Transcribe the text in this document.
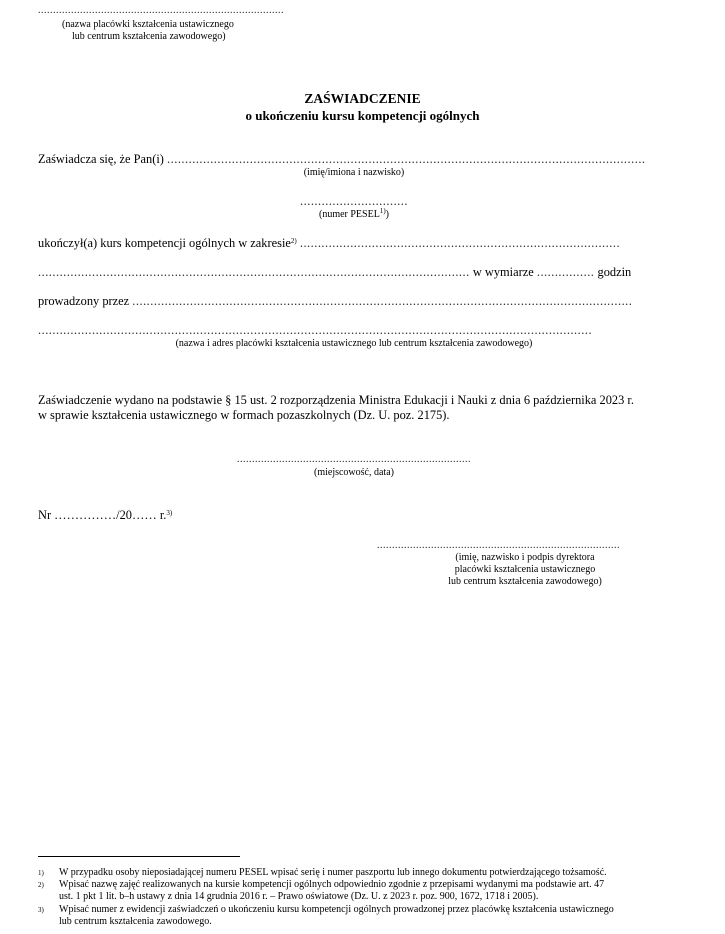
..................................................................................
(nazwa placówki kształcenia ustawicznego
lub centrum kształcenia zawodowego)
ZAŚWIADCZENIE
o ukończeniu kursu kompetencji ogólnych
Zaświadcza się, że Pan(i) .....................................................................................................................................
(imię/imiona i nazwisko)
..............................
(numer PESEL$^{1)}$)
ukończył(a) kurs kompetencji ogólnych w zakresie$^{2)}$ .........................................................................................
........................................................................................................................ w wymiarze ................ godzin
prowadzony przez ...........................................................................................................................................
..........................................................................................................................................................
(nazwa i adres placówki kształcenia ustawicznego lub centrum kształcenia zawodowego)
Zaświadczenie wydano na podstawie § 15 ust. 2 rozporządzenia Ministra Edukacji i Nauki z dnia 6 października 2023 r.
w sprawie kształcenia ustawicznego w formach pozaszkolnych (Dz. U. poz. 2175).
..............................................................................
(miejscowość, data)
Nr ……………/20…… r.$^{3)}$
.................................................................................
(imię, nazwisko i podpis dyrektora
placówki kształcenia ustawicznego
lub centrum kształcenia zawodowego)
1)	W przypadku osoby nieposiadającej numeru PESEL wpisać serię i numer paszportu lub innego dokumentu potwierdzającego tożsamość.
2)	Wpisać nazwę zajęć realizowanych na kursie kompetencji ogólnych odpowiednio zgodnie z przepisami wydanymi ma podstawie art. 47
ust. 1 pkt 1 lit. b–h ustawy z dnia 14 grudnia 2016 r. – Prawo oświatowe (Dz. U. z 2023 r. poz. 900, 1672, 1718 i 2005).
3)	Wpisać numer z ewidencji zaświadczeń o ukończeniu kursu kompetencji ogólnych prowadzonej przez placówkę kształcenia ustawicznego
lub centrum kształcenia zawodowego.
